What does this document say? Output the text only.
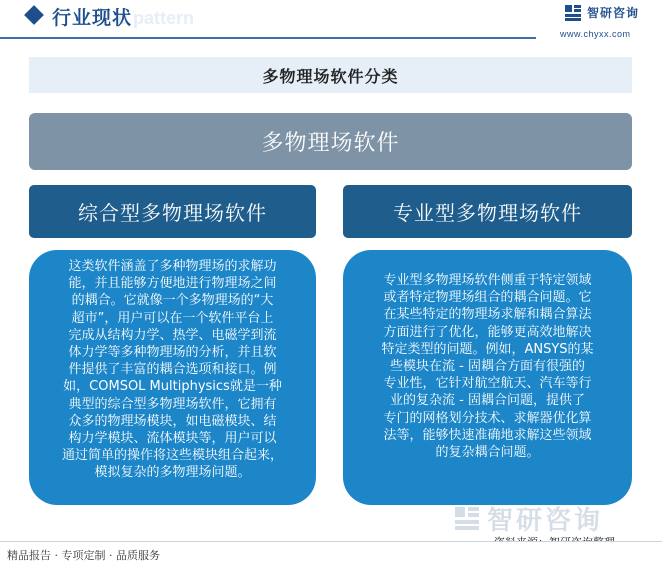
e pattern
行业现状	智研咨询
www.chyxx.com
多物理场软件分类
多物理场软件
综合型多物理场软件	专业型多物理场软件
这类软件涵盖了多种物理场的求解功
能，并且能够方便地进行物理场之间
的耦合。它就像一个多物理场的“大
超市”，用户可以在一个软件平台上
完成从结构力学、热学、电磁学到流
体力学等多种物理场的分析，并且软
件提供了丰富的耦合选项和接口。例
如，COMSOL Multiphysics就是一种
典型的综合型多物理场软件，它拥有
众多的物理场模块，如电磁模块、结
构力学模块、流体模块等，用户可以
通过简单的操作将这些模块组合起来，
模拟复杂的多物理场问题。
专业型多物理场软件侧重于特定领域
或者特定物理场组合的耦合问题。它
在某些特定的物理场求解和耦合算法
方面进行了优化，能够更高效地解决
特定类型的问题。例如，ANSYS的某
些模块在流 - 固耦合方面有很强的
专业性，它针对航空航天、汽车等行
业的复杂流 - 固耦合问题，提供了
专门的网格划分技术、求解器优化算
法等，能够快速准确地求解这些领域
的复杂耦合问题。
智研咨询
精品报告 · 专项定制 · 品质服务
